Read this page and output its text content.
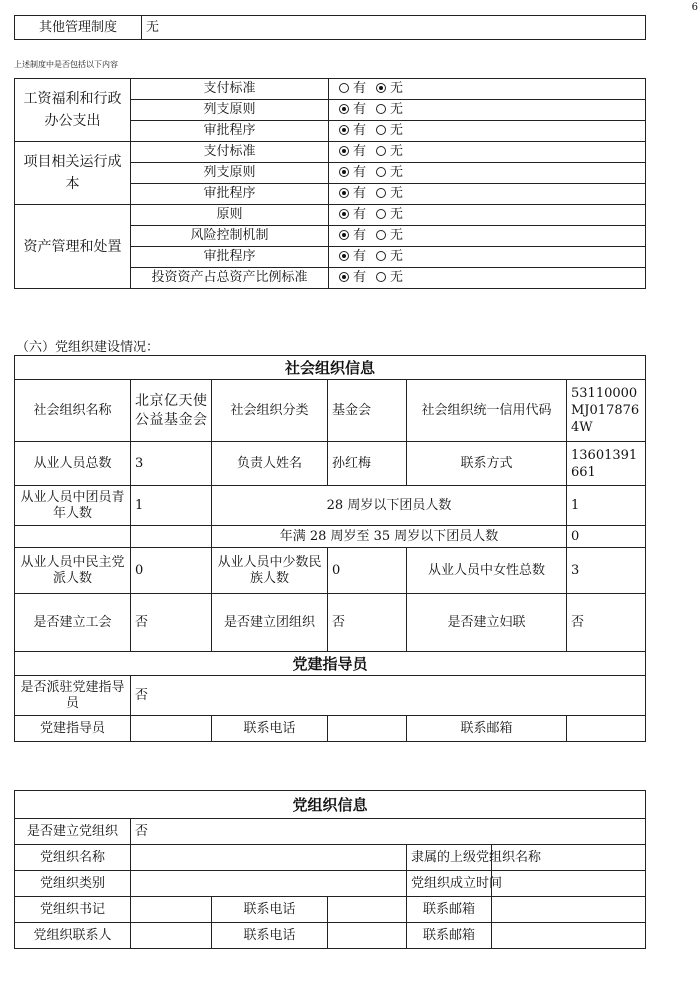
6
其他管理制度	无
上述制度中是否包括以下内容
工资福利和行政办公支出	支付标准	有 无
	列支原则	有 无
	审批程序	有 无
项目相关运行成本	支付标准	有 无
	列支原则	有 无
	审批程序	有 无
资产管理和处置	原则	有 无
	风险控制机制	有 无
	审批程序	有 无
	投资资产占总资产比例标准	有 无
（六）党组织建设情况：
社会组织信息					
社会组织名称	北京亿天使公益基金会	社会组织分类	基金会	社会组织统一信用代码	53110000MJ0178764W
从业人员总数	3	负责人姓名	孙红梅	联系方式	13601391661
从业人员中团员青年人数	1	28 周岁以下团员人数			1
		年满 28 周岁至 35 周岁以下团员人数			0
从业人员中民主党派人数	0	从业人员中少数民族人数	0	从业人员中女性总数	3
是否建立工会	否	是否建立团组织	否	是否建立妇联	否
党建指导员					
是否派驻党建指导员	否				
党建指导员		联系电话		联系邮箱	
党组织信息					
是否建立党组织	否				
党组织名称				隶属的上级党组织名称	
党组织类别				党组织成立时间	
党组织书记		联系电话		联系邮箱	
党组织联系人		联系电话		联系邮箱	
